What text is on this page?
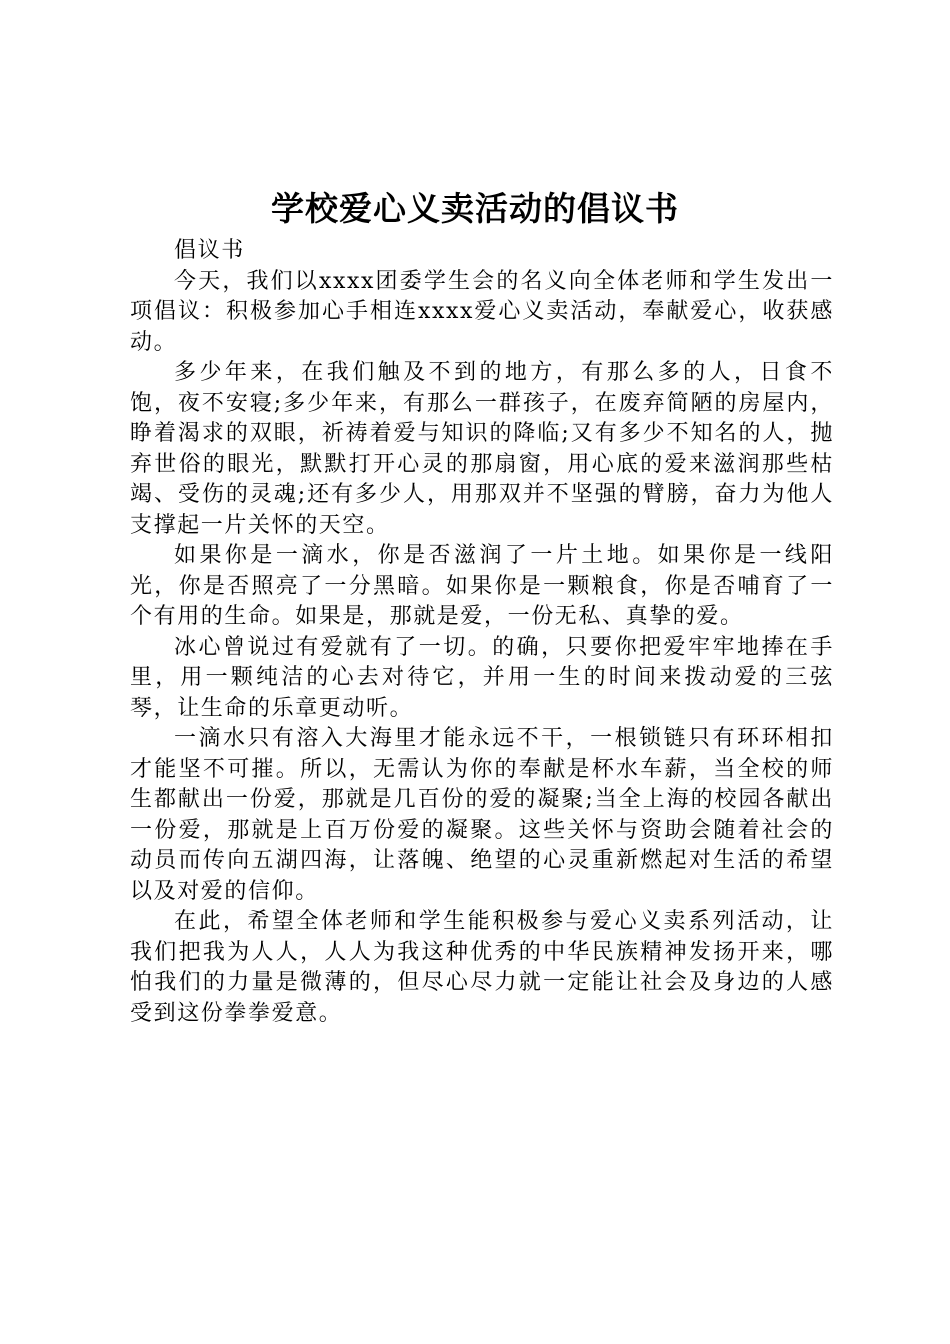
学校爱心义卖活动的倡议书

倡议书

今天，我们以xxxx团委学生会的名义向全体老师和学生发出一项倡议：积极参加心手相连xxxx爱心义卖活动，奉献爱心，收获感动。

多少年来，在我们触及不到的地方，有那么多的人，日食不饱，夜不安寝;多少年来，有那么一群孩子，在废弃简陋的房屋内，睁着渴求的双眼，祈祷着爱与知识的降临;又有多少不知名的人，抛弃世俗的眼光，默默打开心灵的那扇窗，用心底的爱来滋润那些枯竭、受伤的灵魂;还有多少人，用那双并不坚强的臂膀，奋力为他人支撑起一片关怀的天空。

如果你是一滴水，你是否滋润了一片土地。如果你是一线阳光，你是否照亮了一分黑暗。如果你是一颗粮食，你是否哺育了一个有用的生命。如果是，那就是爱，一份无私、真挚的爱。

冰心曾说过有爱就有了一切。的确，只要你把爱牢牢地捧在手里，用一颗纯洁的心去对待它，并用一生的时间来拨动爱的三弦琴，让生命的乐章更动听。

一滴水只有溶入大海里才能永远不干，一根锁链只有环环相扣才能坚不可摧。所以，无需认为你的奉献是杯水车薪，当全校的师生都献出一份爱，那就是几百份的爱的凝聚;当全上海的校园各献出一份爱，那就是上百万份爱的凝聚。这些关怀与资助会随着社会的动员而传向五湖四海，让落魄、绝望的心灵重新燃起对生活的希望以及对爱的信仰。

在此，希望全体老师和学生能积极参与爱心义卖系列活动，让我们把我为人人，人人为我这种优秀的中华民族精神发扬开来，哪怕我们的力量是微薄的，但尽心尽力就一定能让社会及身边的人感受到这份拳拳爱意。
